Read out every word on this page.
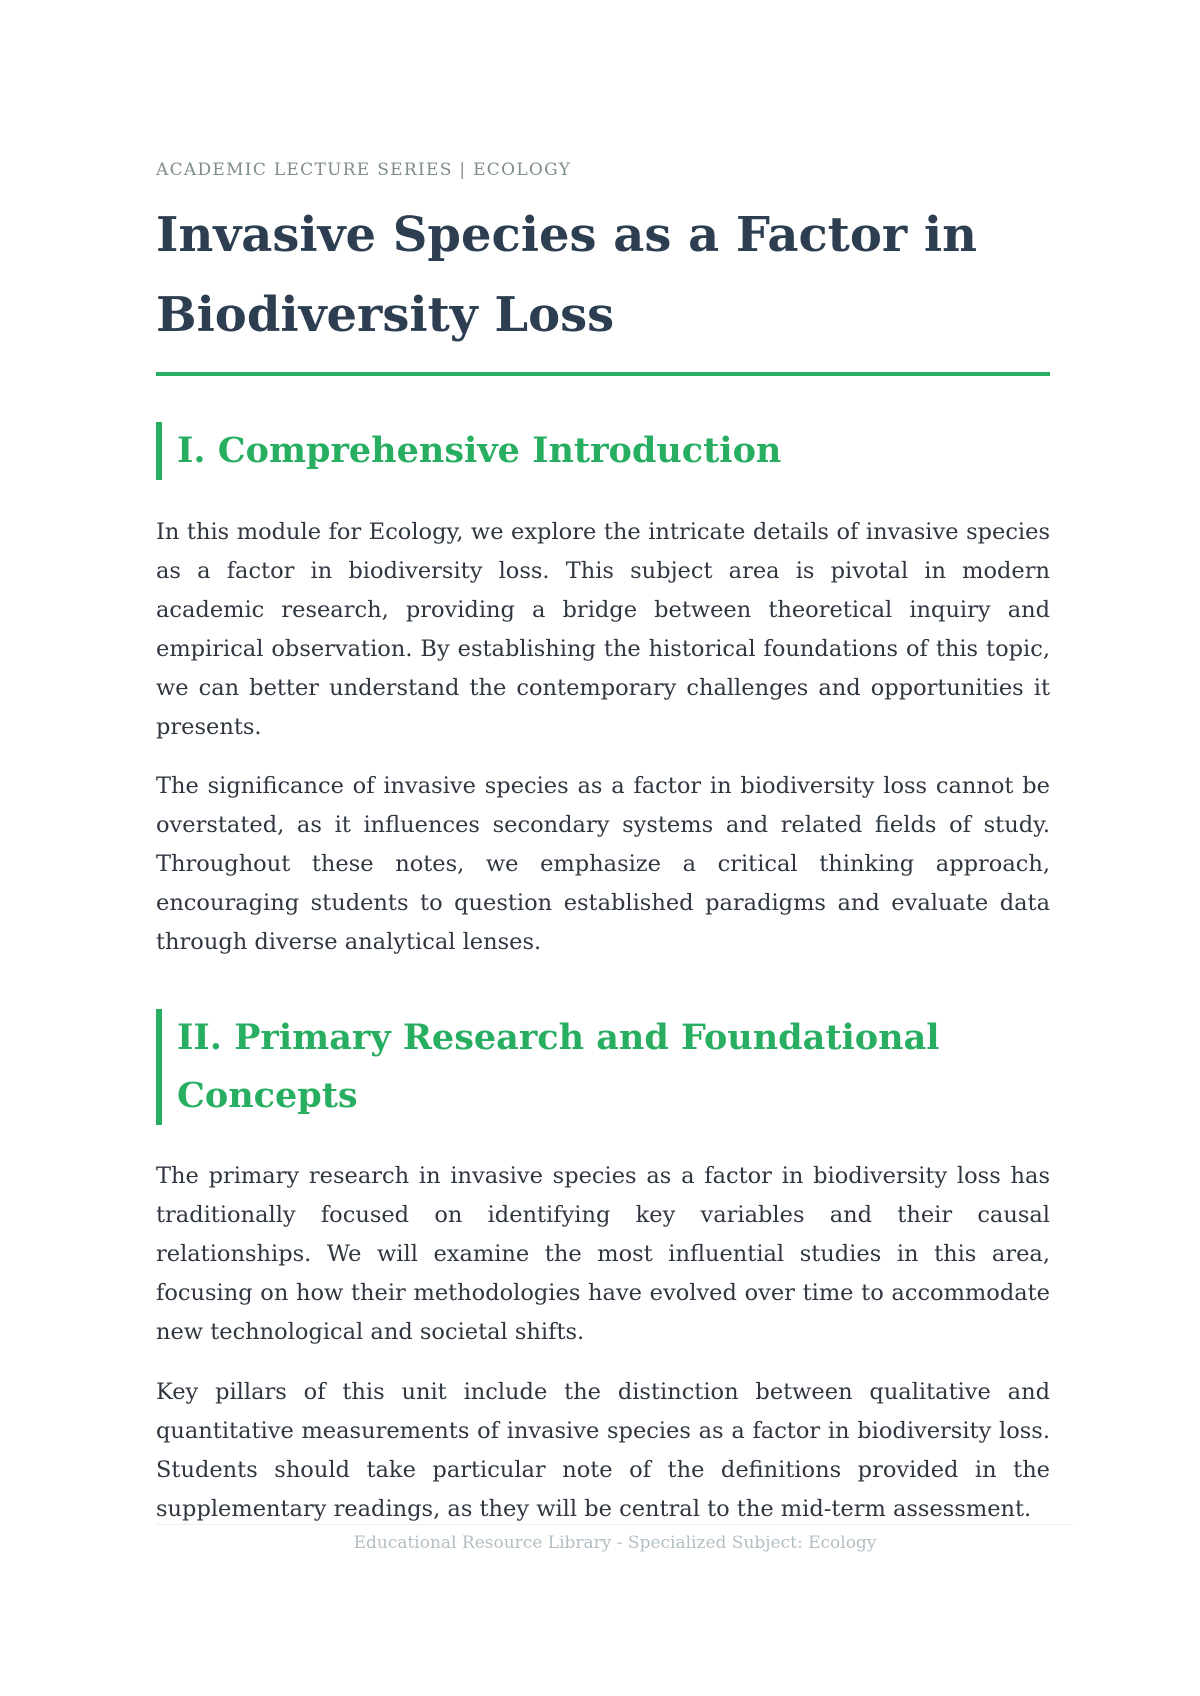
ACADEMIC LECTURE SERIES | ECOLOGY

Invasive Species as a Factor in Biodiversity Loss
I. Comprehensive Introduction

In this module for Ecology, we explore the intricate details of invasive species as a factor in biodiversity loss. This subject area is pivotal in modern academic research, providing a bridge between theoretical inquiry and empirical observation. By establishing the historical foundations of this topic, we can better understand the contemporary challenges and opportunities it presents.

The significance of invasive species as a factor in biodiversity loss cannot be overstated, as it influences secondary systems and related fields of study. Throughout these notes, we emphasize a critical thinking approach, encouraging students to question established paradigms and evaluate data through diverse analytical lenses.

II. Primary Research and Foundational Concepts

The primary research in invasive species as a factor in biodiversity loss has traditionally focused on identifying key variables and their causal relationships. We will examine the most influential studies in this area, focusing on how their methodologies have evolved over time to accommodate new technological and societal shifts.

Key pillars of this unit include the distinction between qualitative and quantitative measurements of invasive species as a factor in biodiversity loss. Students should take particular note of the definitions provided in the supplementary readings, as they will be central to the mid-term assessment.

Educational Resource Library - Specialized Subject: Ecology
